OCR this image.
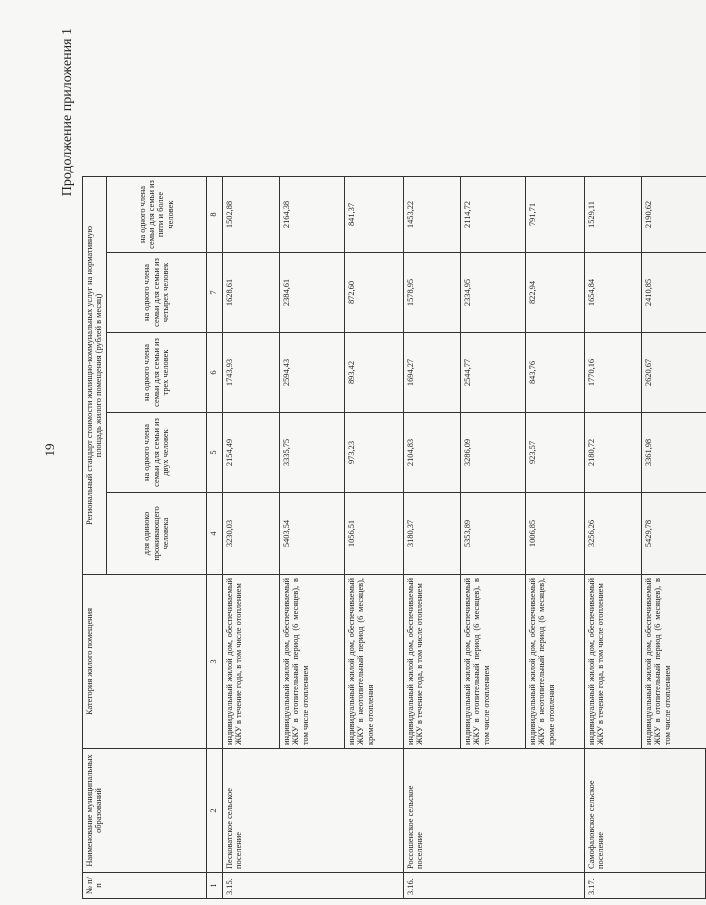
19
Продолжение приложения 1
№ п/п	Наименование муниципальных образований	Категория жилого помещения	Региональный стандарт стоимости жилищно-коммунальных услуг на нормативную площадь жилого помещения (рублей в месяц)				
			для одиноко проживающего человека	на одного члена семьи для семьи из двух человек	на одного члена семьи для семьи из трех человек	на одного члена семьи для семьи из четырех человек	на одного члена семьи для семьи из пяти и более человек
1	2	3	4	5	6	7	8
3.15.	Песковатское сельское поселение	индивидуальный жилой дом, обеспечиваемый ЖКУ в течение года, в том числе отоплением	3230,03	2154,49	1743,93	1628,61	1502,88
		индивидуальный жилой дом, обеспечиваемый ЖКУ в отопительный период (6 месяцев), в том числе отоплением	5403,54	3335,75	2594,43	2384,61	2164,38
		индивидуальный жилой дом, обеспечиваемый ЖКУ в неотопительный период (6 месяцев), кроме отопления	1056,51	973,23	893,42	872,60	841,37
3.16.	Россошенское сельское поселение	индивидуальный жилой дом, обеспечиваемый ЖКУ в течение года, в том числе отоплением	3180,37	2104,83	1694,27	1578,95	1453,22
		индивидуальный жилой дом, обеспечиваемый ЖКУ в отопительный период (6 месяцев), в том числе отоплением	5353,89	3286,09	2544,77	2334,95	2114,72
		индивидуальный жилой дом, обеспечиваемый ЖКУ в неотопительный период (6 месяцев), кроме отопления	1006,85	923,57	843,76	822,94	791,71
3.17.	Самофаловское сельское поселение	индивидуальный жилой дом, обеспечиваемый ЖКУ в течение года, в том числе отоплением	3256,26	2180,72	1770,16	1654,84	1529,11
		индивидуальный жилой дом, обеспечиваемый ЖКУ в отопительный период (6 месяцев), в том числе отоплением	5429,78	3361,98	2620,67	2410,85	2190,62
